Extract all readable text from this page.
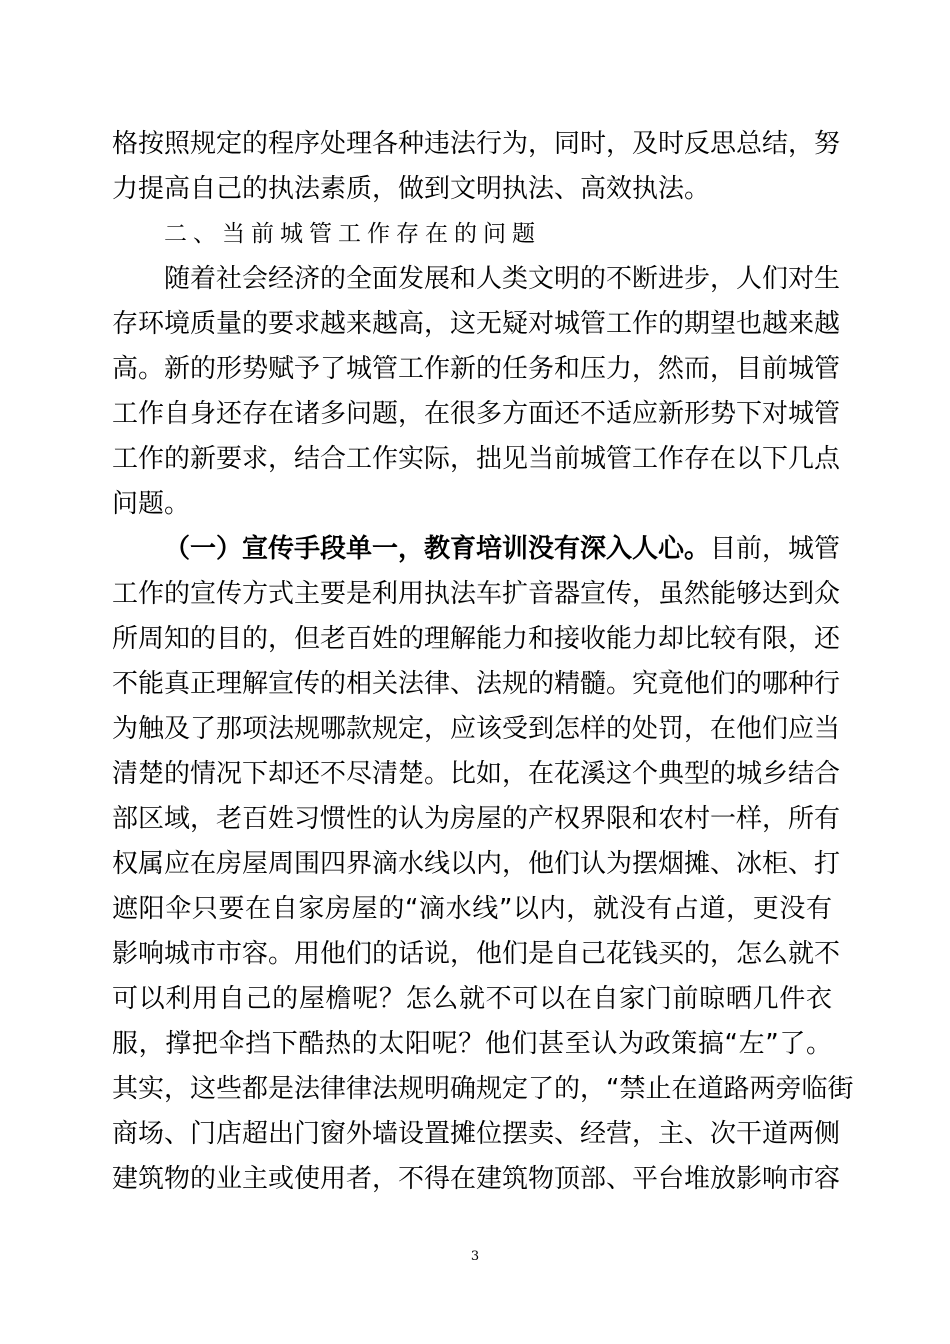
格按照规定的程序处理各种违法行为，同时，及时反思总结，努
力提高自己的执法素质，做到文明执法、高效执法。
二、当前城管工作存在的问题
随着社会经济的全面发展和人类文明的不断进步，人们对生
存环境质量的要求越来越高，这无疑对城管工作的期望也越来越
高。新的形势赋予了城管工作新的任务和压力，然而，目前城管
工作自身还存在诸多问题，在很多方面还不适应新形势下对城管
工作的新要求，结合工作实际，拙见当前城管工作存在以下几点
问题。
（一）宣传手段单一，教育培训没有深入人心。目前，城管
工作的宣传方式主要是利用执法车扩音器宣传，虽然能够达到众
所周知的目的，但老百姓的理解能力和接收能力却比较有限，还
不能真正理解宣传的相关法律、法规的精髓。究竟他们的哪种行
为触及了那项法规哪款规定，应该受到怎样的处罚，在他们应当
清楚的情况下却还不尽清楚。比如，在花溪这个典型的城乡结合
部区域，老百姓习惯性的认为房屋的产权界限和农村一样，所有
权属应在房屋周围四界滴水线以内，他们认为摆烟摊、冰柜、打
遮阳伞只要在自家房屋的“滴水线”以内，就没有占道，更没有
影响城市市容。用他们的话说，他们是自己花钱买的，怎么就不
可以利用自己的屋檐呢？怎么就不可以在自家门前晾晒几件衣
服，撑把伞挡下酷热的太阳呢？他们甚至认为政策搞“左”了。
其实，这些都是法律律法规明确规定了的，“禁止在道路两旁临街
商场、门店超出门窗外墙设置摊位摆卖、经营，主、次干道两侧
建筑物的业主或使用者，不得在建筑物顶部、平台堆放影响市容
3
